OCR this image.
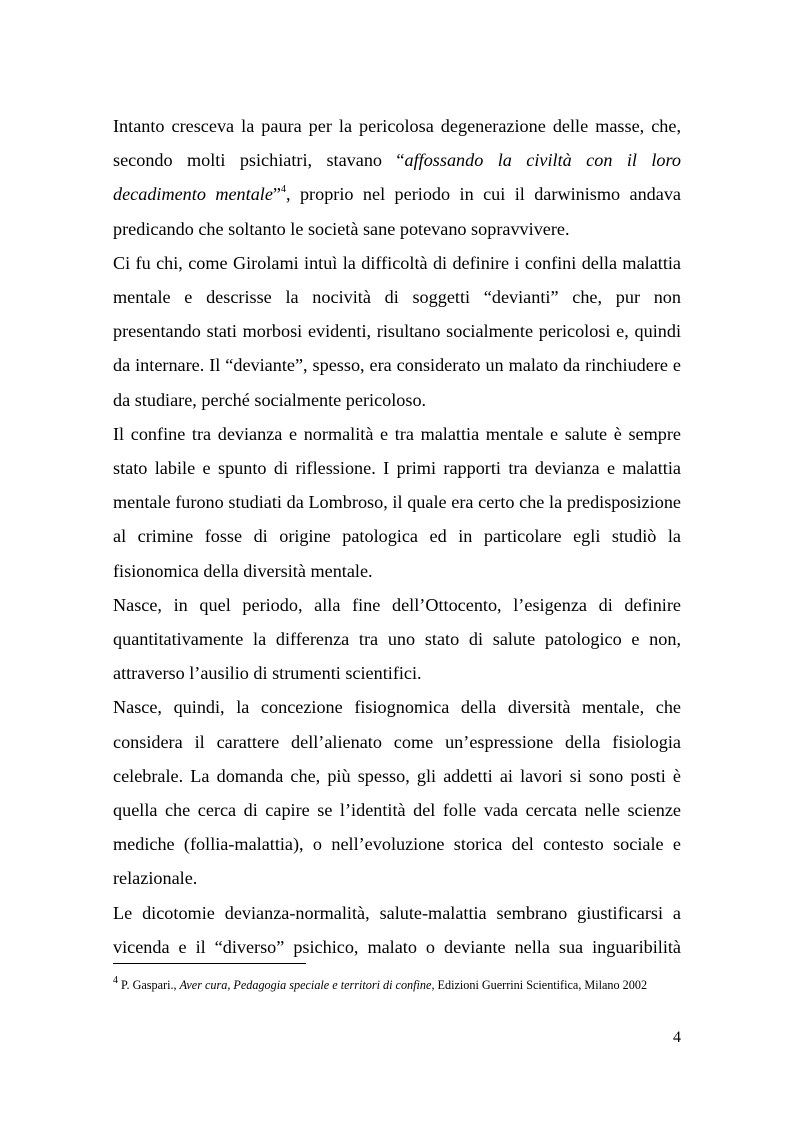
Intanto cresceva la paura per la pericolosa degenerazione delle masse, che, secondo molti psichiatri, stavano “affossando la civiltà con il loro decadimento mentale”$^4$, proprio nel periodo in cui il darwinismo andava predicando che soltanto le società sane potevano sopravvivere.

Ci fu chi, come Girolami intuì la difficoltà di definire i confini della malattia mentale e descrisse la nocività di soggetti “devianti” che, pur non presentando stati morbosi evidenti, risultano socialmente pericolosi e, quindi da internare. Il “deviante”, spesso, era considerato un malato da rinchiudere e da studiare, perché socialmente pericoloso.

Il confine tra devianza e normalità e tra malattia mentale e salute è sempre stato labile e spunto di riflessione. I primi rapporti tra devianza e malattia mentale furono studiati da Lombroso, il quale era certo che la predisposizione al crimine fosse di origine patologica ed in particolare egli studiò la fisionomica della diversità mentale.

Nasce, in quel periodo, alla fine dell’Ottocento, l’esigenza di definire quantitativamente la differenza tra uno stato di salute patologico e non, attraverso l’ausilio di strumenti scientifici.

Nasce, quindi, la concezione fisiognomica della diversità mentale, che considera il carattere dell’alienato come un’espressione della fisiologia celebrale. La domanda che, più spesso, gli addetti ai lavori si sono posti è quella che cerca di capire se l’identità del folle vada cercata nelle scienze mediche (follia-malattia), o nell’evoluzione storica del contesto sociale e relazionale.

Le dicotomie devianza-normalità, salute-malattia sembrano giustificarsi a vicenda e il “diverso” psichico, malato o deviante nella sua inguaribilità

$^4$ P. Gaspari., Aver cura, Pedagogia speciale e territori di confine, Edizioni Guerrini Scientifica, Milano 2002
4
